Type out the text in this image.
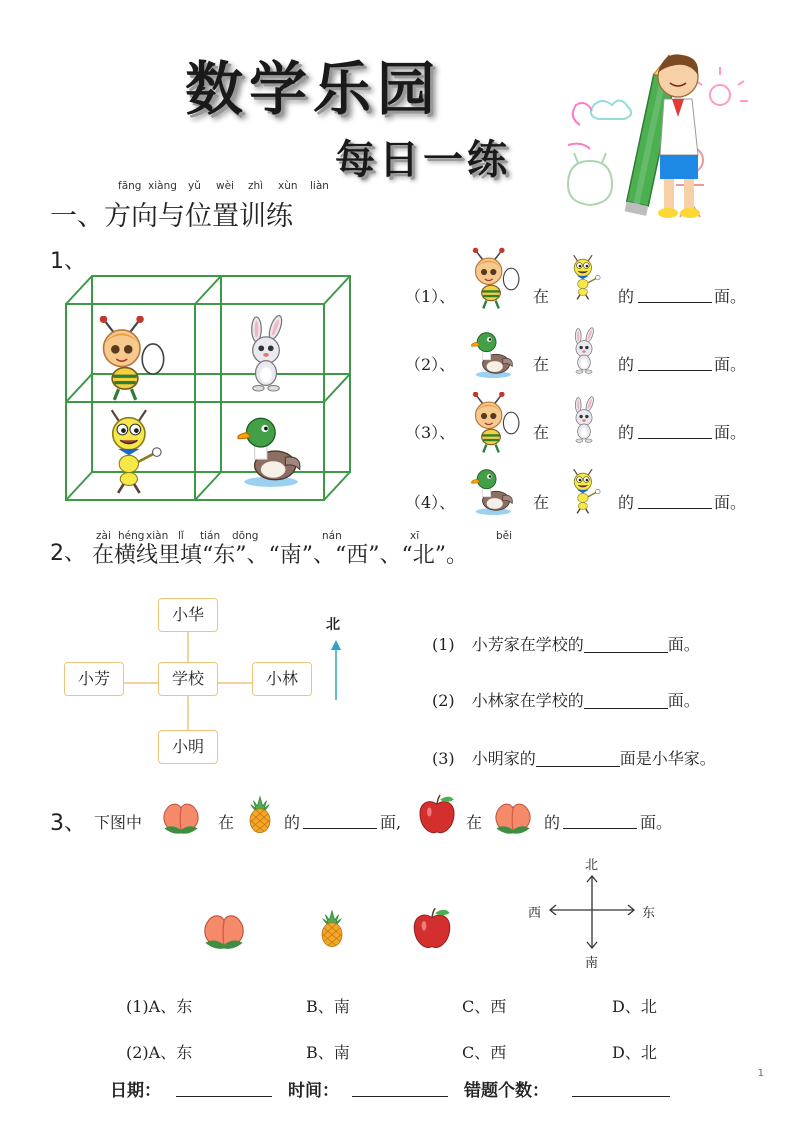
数学乐园
每日一练
fāng xiàng yǔ wèi zhì xùn liàn
一、方向与位置训练
1、
（1）、	在	的	面。
（2）、	在	的	面。
（3）、	在	的	面。
（4）、	在	的	面。
zài héng xiàn lǐ tián dōng	nán	xī	běi
2、 在横线里填“东”、“南”、“西”、“北”。
小华
小芳	学校	小林
小明
北
(1) 小芳家在学校的	面。
(2) 小林家在学校的	面。
(3) 小明家的	面是小华家。
3、 下图中	在	的	面,	在	的	面。
北
南
西	东
(1)A、东	B、南	C、西	D、北
(2)A、东	B、南	C、西	D、北
日期：	时间：	错题个数：
1
